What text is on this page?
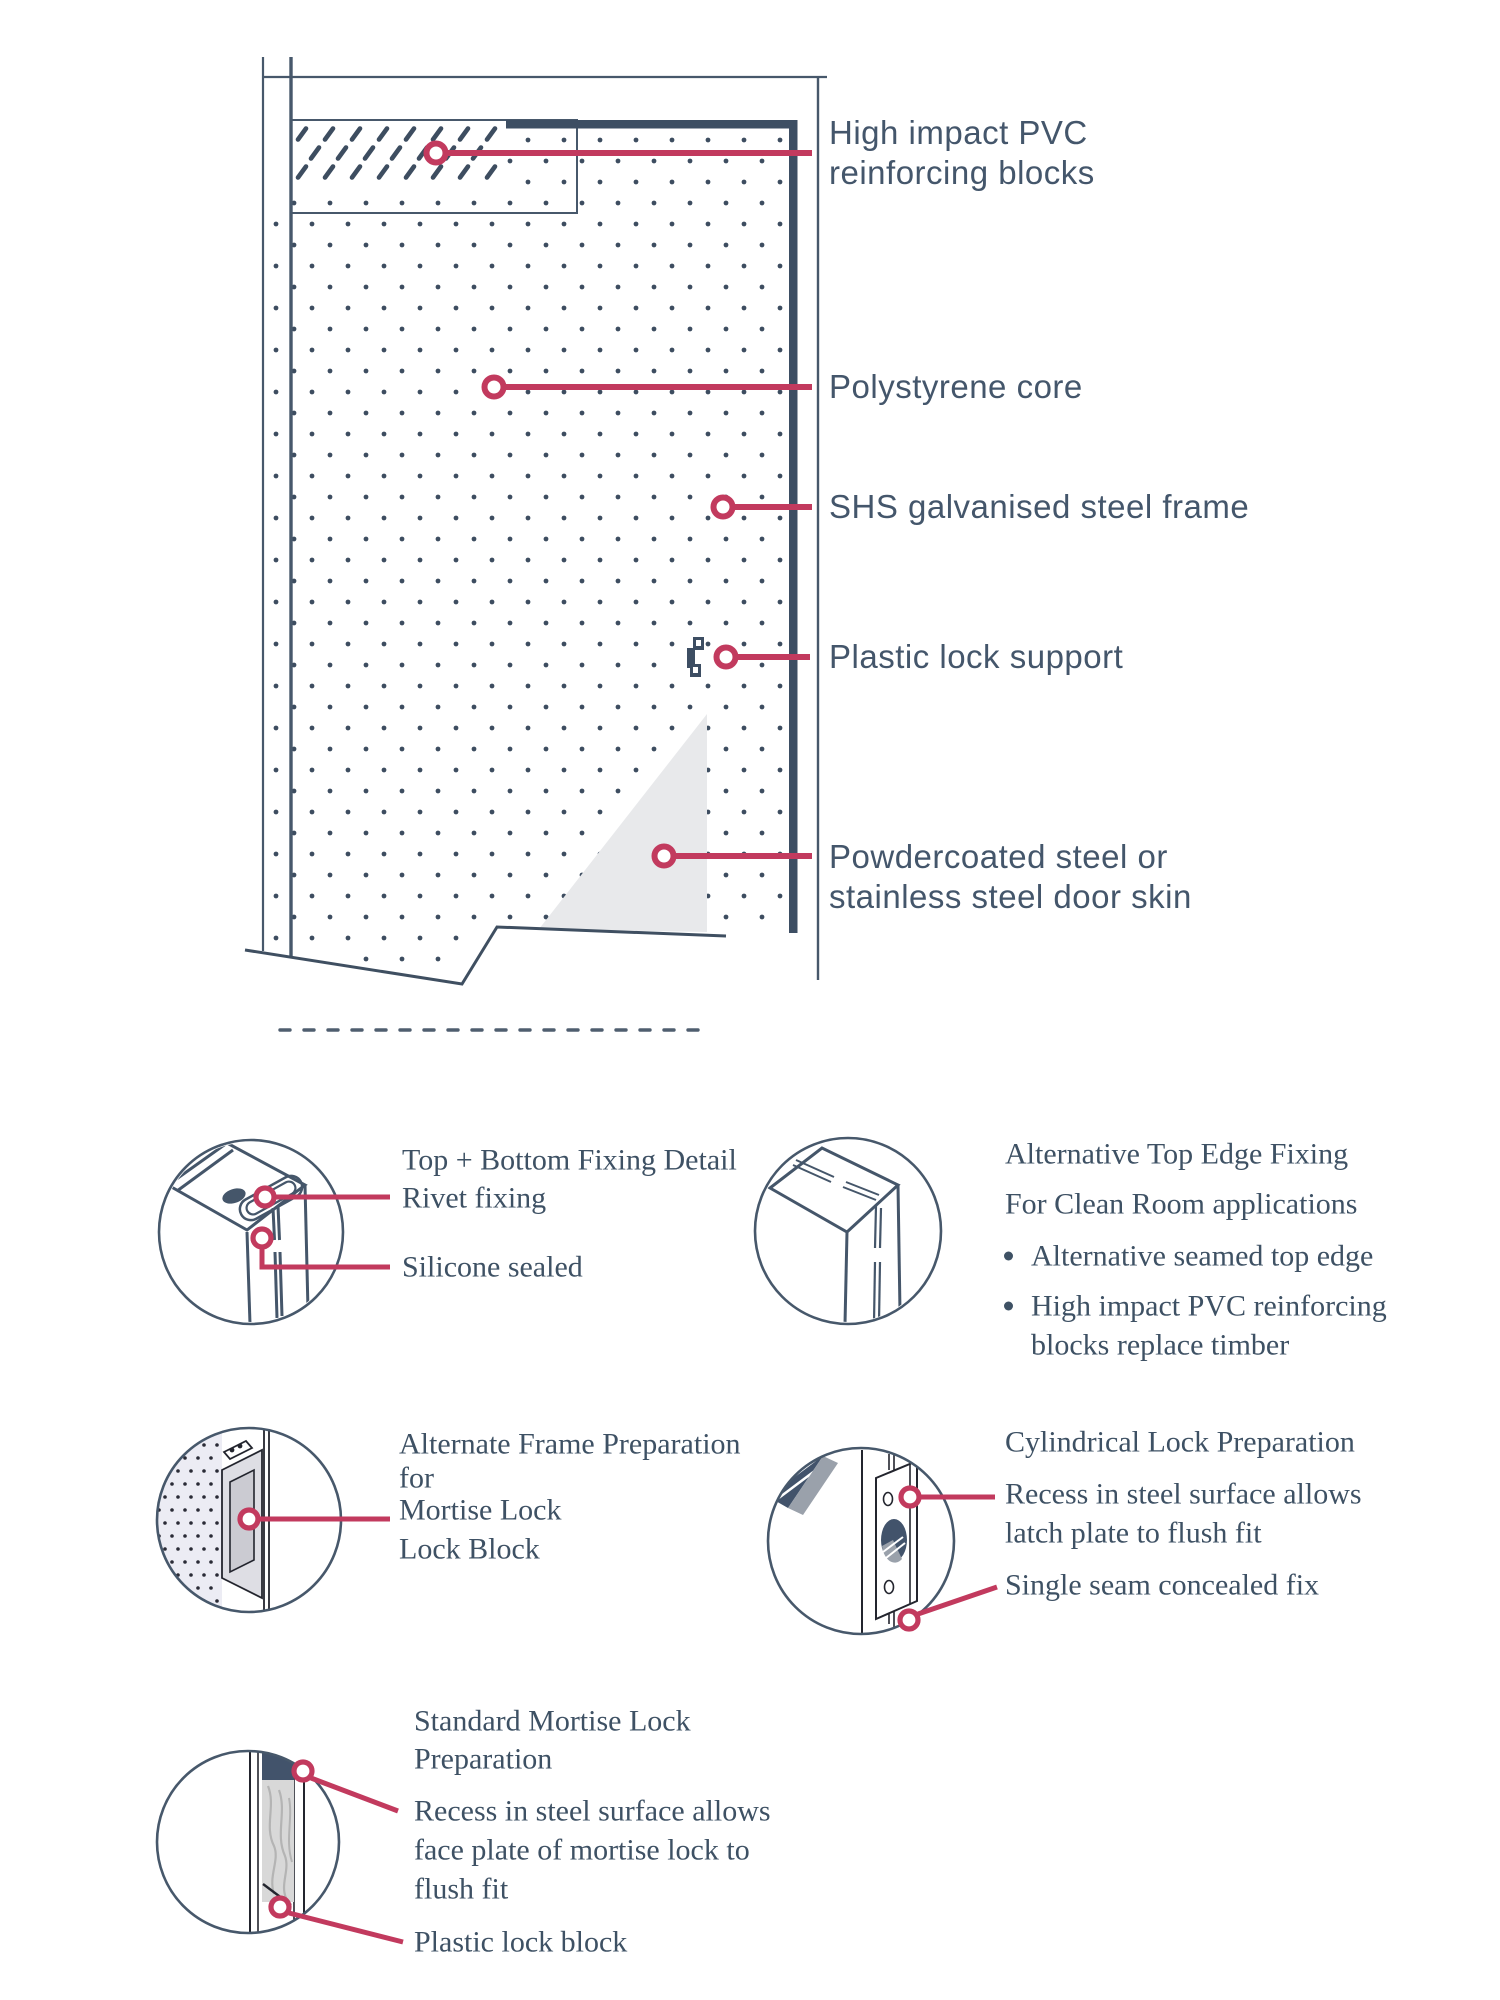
High impact PVC
reinforcing blocks
Polystyrene core
SHS galvanised steel frame
Plastic lock support
Powdercoated steel or
stainless steel door skin
Top + Bottom Fixing Detail
Rivet fixing
Silicone sealed
Alternative Top Edge Fixing
For Clean Room applications
Alternative seamed top edge
High impact PVC reinforcing
blocks replace timber
Alternate Frame Preparation
for
Mortise Lock
Lock Block
Cylindrical Lock Preparation
Recess in steel surface allows
latch plate to flush fit
Single seam concealed fix
Standard Mortise Lock
Preparation
Recess in steel surface allows
face plate of mortise lock to
flush fit
Plastic lock block
